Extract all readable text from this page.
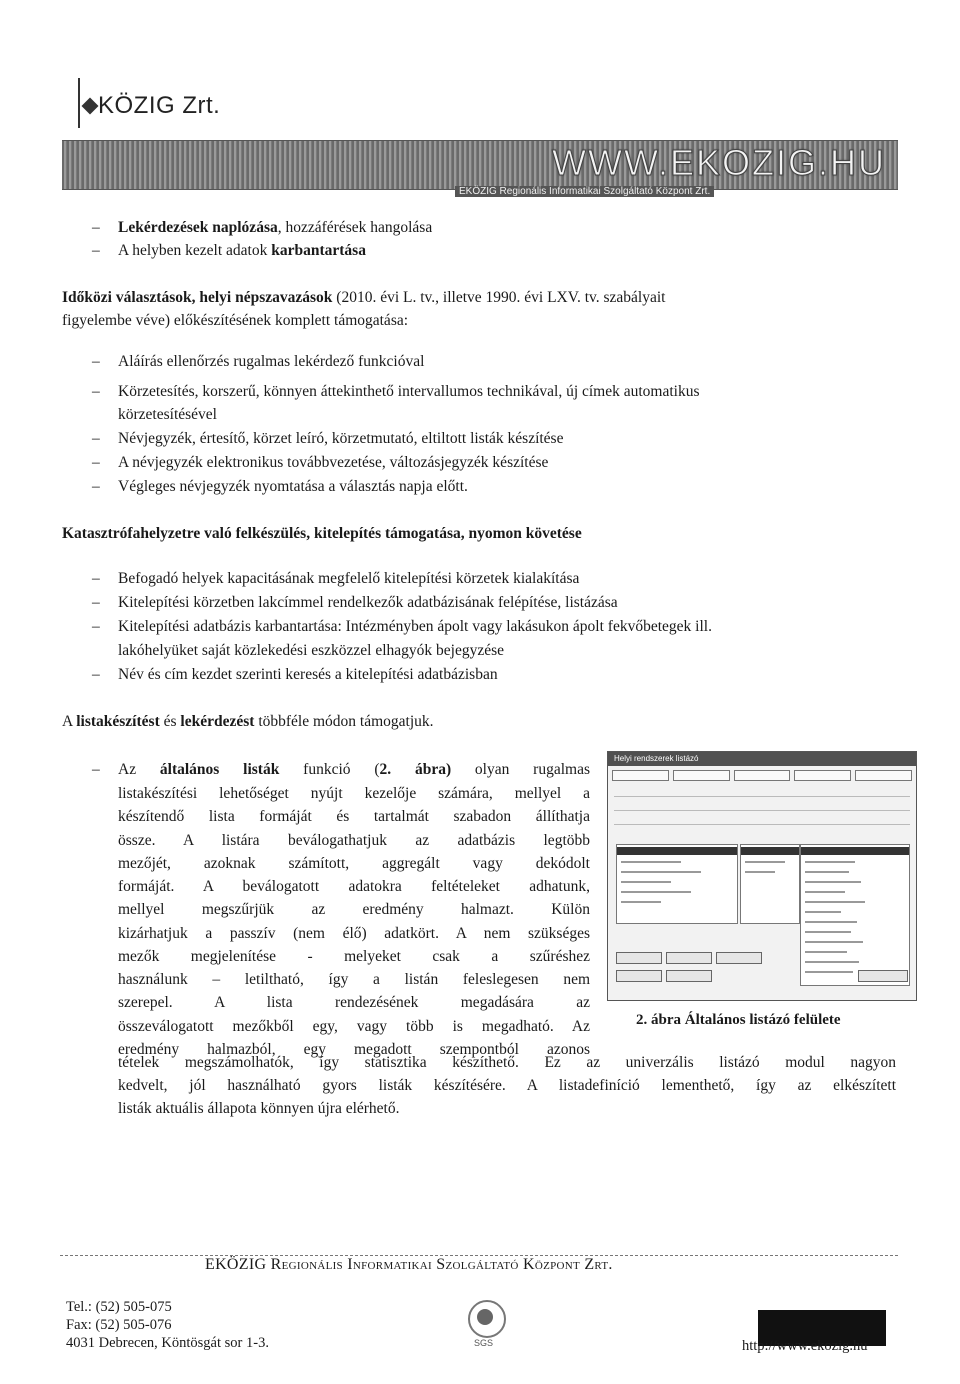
KÖZIG Zrt.
WWW.EKOZIG.HU
EKÖZIG Regionális Informatikai Szolgáltató Központ Zrt.
– Lekérdezések naplózása, hozzáférések hangolása
– A helyben kezelt adatok karbantartása
Időközi választások, helyi népszavazások (2010. évi L. tv., illetve 1990. évi LXV. tv. szabályait
figyelembe véve) előkészítésének komplett támogatása:
– Aláírás ellenőrzés rugalmas lekérdező funkcióval
– Körzetesítés, korszerű, könnyen áttekinthető intervallumos technikával, új címek automatikus
körzetesítésével
– Névjegyzék, értesítő, körzet leíró, körzetmutató, eltiltott listák készítése
– A névjegyzék elektronikus továbbvezetése, változásjegyzék készítése
– Végleges névjegyzék nyomtatása a választás napja előtt.
Katasztrófahelyzetre való felkészülés, kitelepítés támogatása, nyomon követése
– Befogadó helyek kapacitásának megfelelő kitelepítési körzetek kialakítása
– Kitelepítési körzetben lakcímmel rendelkezők adatbázisának felépítése, listázása
– Kitelepítési adatbázis karbantartása: Intézményben ápolt vagy lakásukon ápolt fekvőbetegek ill.
lakóhelyüket saját közlekedési eszközzel elhagyók bejegyzése
– Név és cím kezdet szerinti keresés a kitelepítési adatbázisban
A listakészítést és lekérdezést többféle módon támogatjuk.
– Az általános listák funkció (2. ábra) olyan rugalmas
listakészítési lehetőséget nyújt kezelője számára, mellyel a
készítendő lista formáját és tartalmát szabadon állíthatja
össze. A listára beválogathatjuk az adatbázis legtöbb
mezőjét, azoknak számított, aggregált vagy dekódolt
formáját. A beválogatott adatokra feltételeket adhatunk,
mellyel megszűrjük az eredmény halmazt. Külön
kizárhatjuk a passzív (nem élő) adatkört. A nem szükséges
mezők megjelenítése - melyeket csak a szűréshez
használunk – letiltható, így a listán feleslegesen nem
szerepel. A lista rendezésének megadására az
összeválogatott mezőkből egy, vagy több is megadható. Az
eredmény halmazból, egy megadott szempontból azonos
tételek megszámolhatók, így statisztika készíthető. Ez az univerzális listázó modul nagyon
kedvelt, jól használható gyors listák készítésére. A listadefiníció lementhető, így az elkészített
listák aktuális állapota könnyen újra elérhető.
Helyi rendszerek listázó
2. ábra Általános listázó felülete
EKÖZIG Regionális Informatikai Szolgáltató Központ Zrt.
Tel.: (52) 505-075
Fax: (52) 505-076
4031 Debrecen, Köntösgát sor 1-3.	SGS	http://www.ekozig.hu
